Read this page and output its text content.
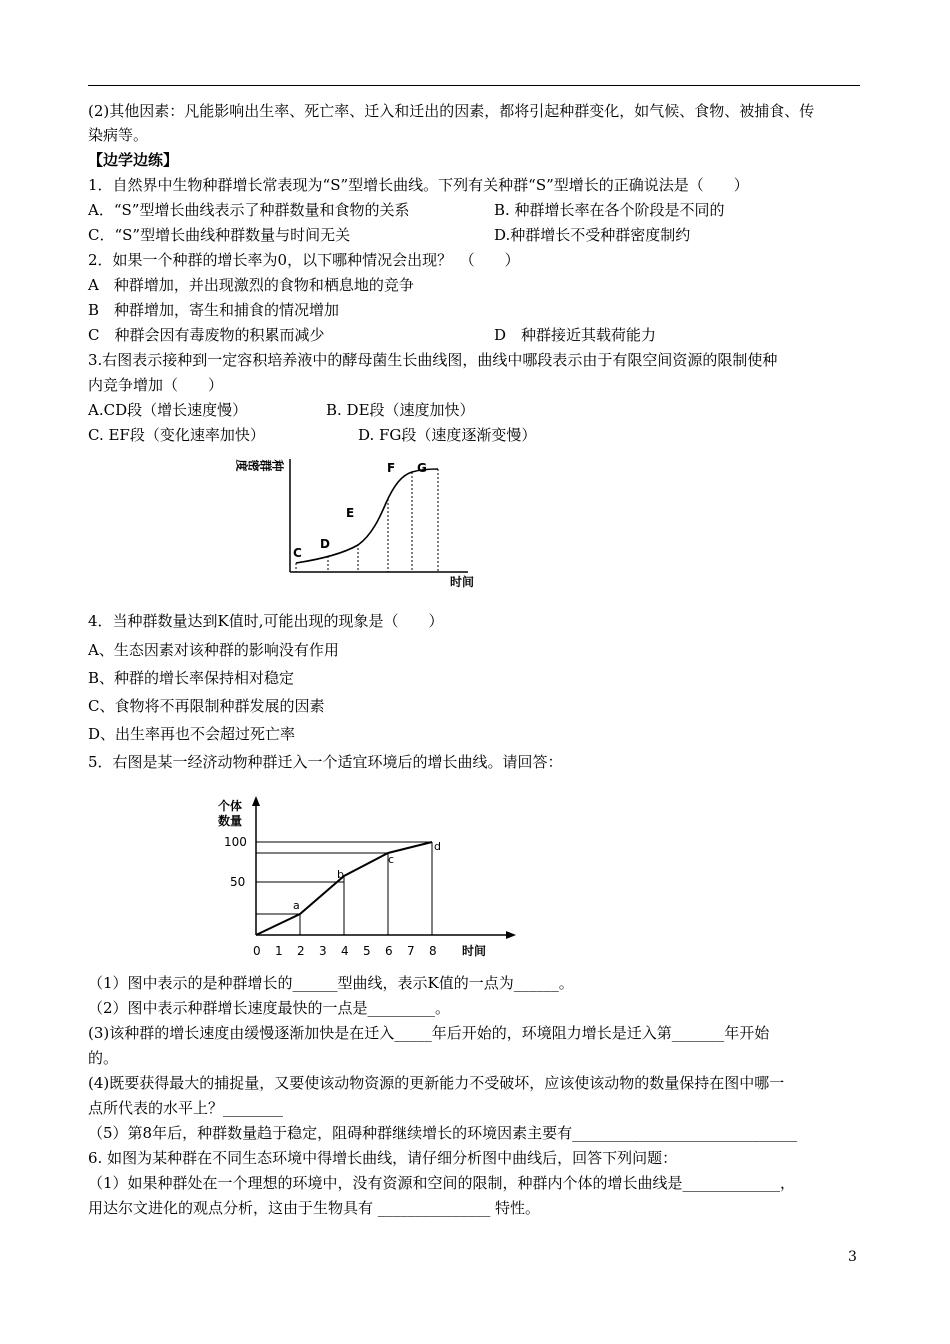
(2)其他因素：凡能影响出生率、死亡率、迁入和迁出的因素，都将引起种群变化，如气候、食物、被捕食、传
染病等。
【边学边练】
1．自然界中生物种群增长常表现为“S”型增长曲线。下列有关种群“S”型增长的正确说法是（　　）
A．“S”型增长曲线表示了种群数量和食物的关系	B. 种群增长率在各个阶段是不同的
C．“S”型增长曲线种群数量与时间无关	D.种群增长不受种群密度制约
2．如果一个种群的增长率为0，以下哪种情况会出现？　（　　）
A　种群增加，并出现激烈的食物和栖息地的竞争
B　种群增加，寄生和捕食的情况增加
C　种群会因有毒废物的积累而减少	D　种群接近其载荷能力
3.右图表示接种到一定容积培养液中的酵母菌生长曲线图，曲线中哪段表示由于有限空间资源的限制使种
内竞争增加（　　）
A.CD段（增长速度慢）	B. DE段（速度加快）
C. EF段（变化速率加快）	D. FG段（速度逐渐变慢）
种群密度
C
D
E
F G
时间
4．当种群数量达到K值时,可能出现的现象是（　　）
A、生态因素对该种群的影响没有作用
B、种群的增长率保持相对稳定
C、食物将不再限制种群发展的因素
D、出生率再也不会超过死亡率
5．右图是某一经济动物种群迁入一个适宜环境后的增长曲线。请回答：
个体
数量
100
50
0 1 2 3 4 5 6 7 8 时间
a
b
c
d
（1）图中表示的是种群增长的______型曲线，表示K值的一点为______。
（2）图中表示种群增长速度最快的一点是_________。
(3)该种群的增长速度由缓慢逐渐加快是在迁入_____年后开始的，环境阻力增长是迁入第_______年开始
的。
(4)既要获得最大的捕捉量，又要使该动物资源的更新能力不受破坏，应该使该动物的数量保持在图中哪一
点所代表的水平上？________
（5）第8年后，种群数量趋于稳定，阻碍种群继续增长的环境因素主要有______________________________
6. 如图为某种群在不同生态环境中得增长曲线，请仔细分析图中曲线后，回答下列问题：
（1）如果种群处在一个理想的环境中，没有资源和空间的限制，种群内个体的增长曲线是_____________，
用达尔文进化的观点分析，这由于生物具有 _______________ 特性。
3
